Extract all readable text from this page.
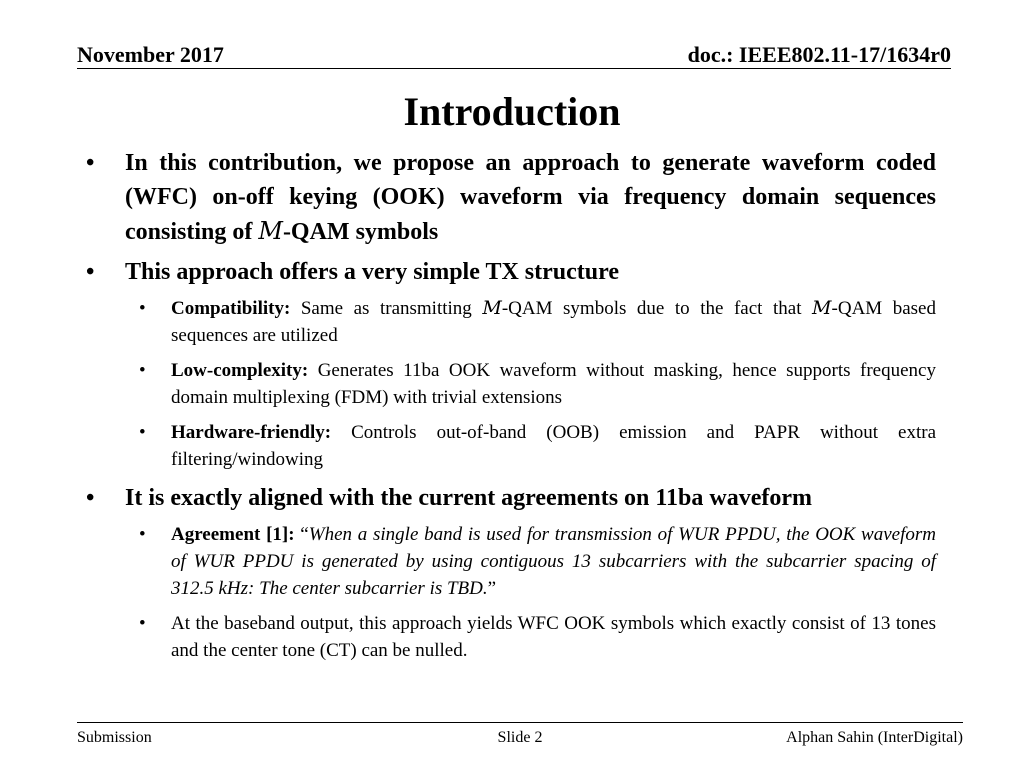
November 2017	doc.: IEEE802.11-17/1634r0
Introduction
• In this contribution, we propose an approach to generate waveform coded (WFC) on-off keying (OOK) waveform via frequency domain sequences consisting of M-QAM symbols
• This approach offers a very simple TX structure
• Compatibility: Same as transmitting M-QAM symbols due to the fact that M-QAM based sequences are utilized
• Low-complexity: Generates 11ba OOK waveform without masking, hence supports frequency domain multiplexing (FDM) with trivial extensions
• Hardware-friendly: Controls out-of-band (OOB) emission and PAPR without extra filtering/windowing
• It is exactly aligned with the current agreements on 11ba waveform
• Agreement [1]: “When a single band is used for transmission of WUR PPDU, the OOK waveform of WUR PPDU is generated by using contiguous 13 subcarriers with the subcarrier spacing of 312.5 kHz: The center subcarrier is TBD.”
• At the baseband output, this approach yields WFC OOK symbols which exactly consist of 13 tones and the center tone (CT) can be nulled.
Submission	Slide 2	Alphan Sahin (InterDigital)
